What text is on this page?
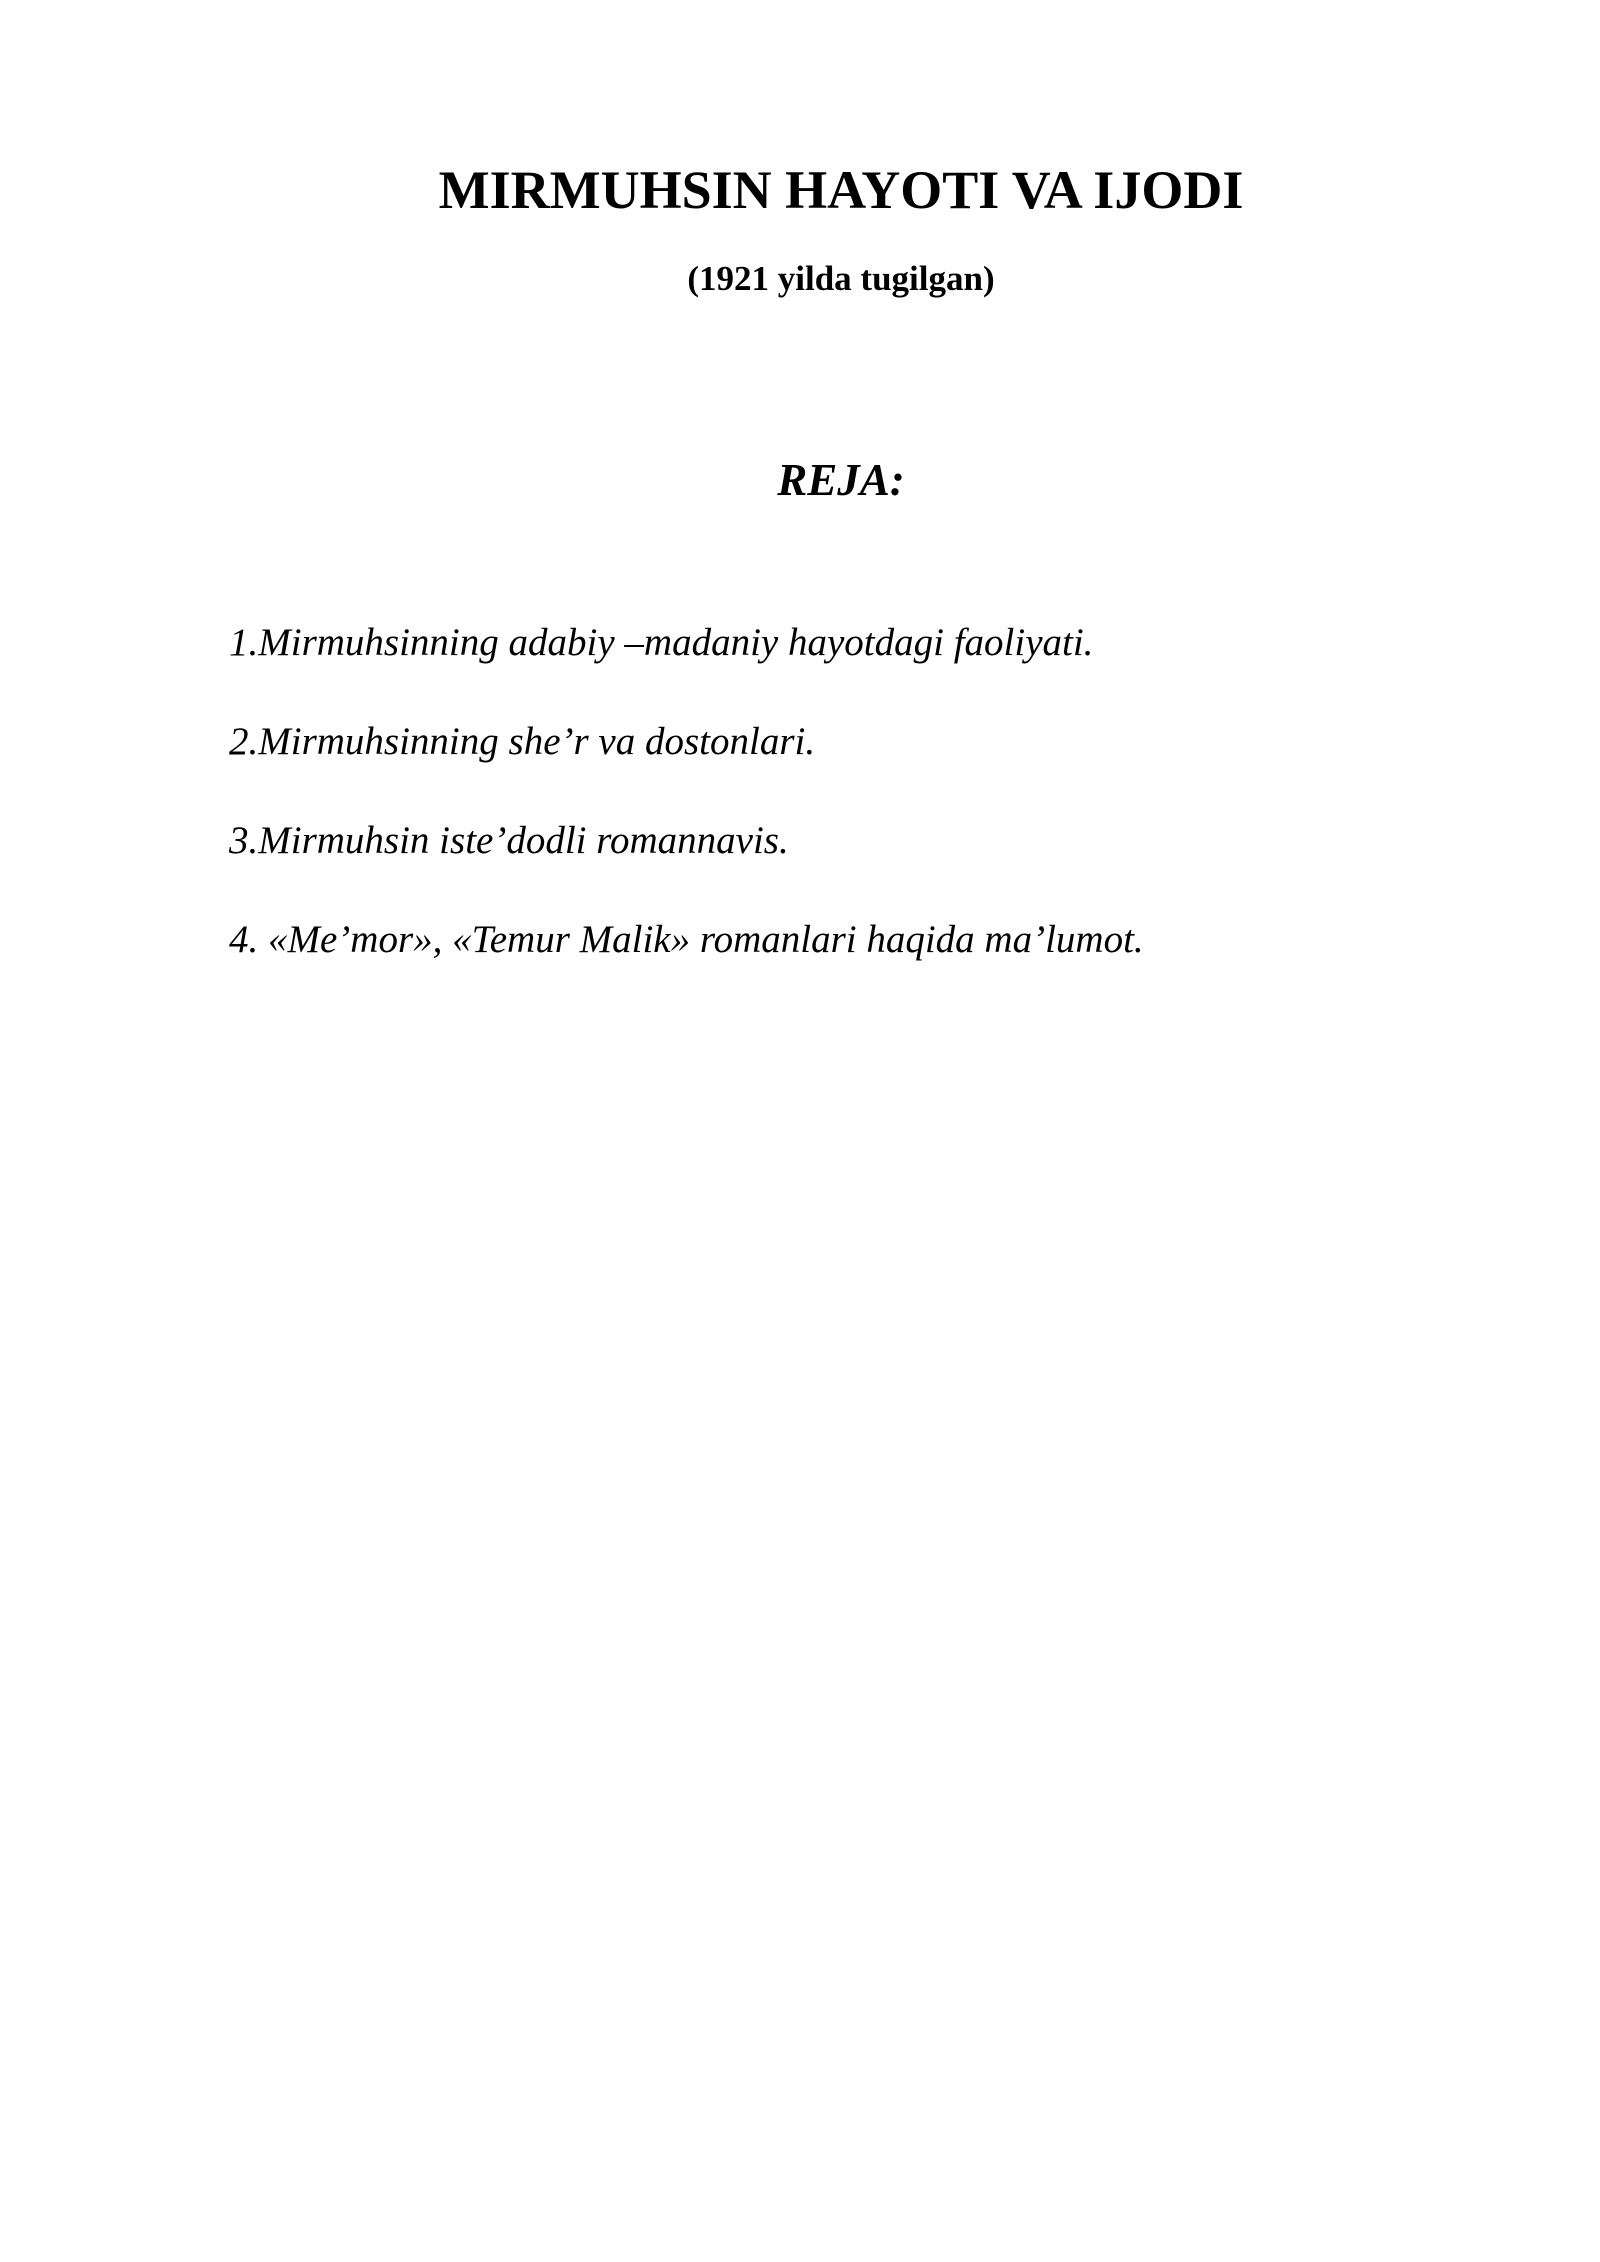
MIRMUHSIN HAYOTI VA IJODI
(1921 yilda tugilgan)
REJA:
1.Mirmuhsinning adabiy –madaniy hayotdagi faoliyati.
2.Mirmuhsinning she’r va dostonlari.
3.Mirmuhsin iste’dodli romannavis.
4. «Me’mor», «Temur Malik» romanlari haqida ma’lumot.
